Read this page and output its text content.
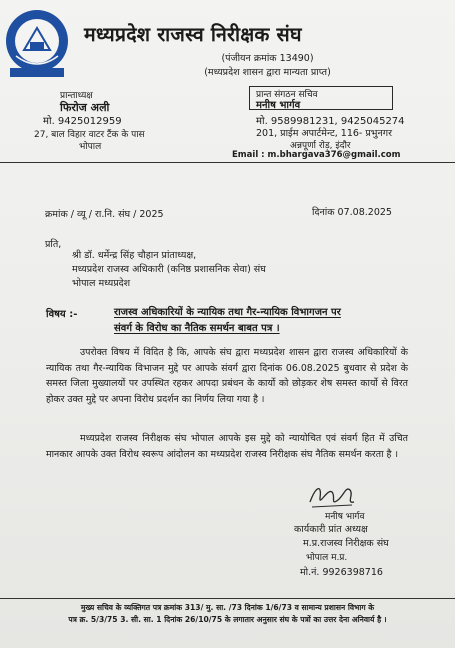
मध्यप्रदेश राजस्व निरीक्षक संघ
(पंजीयन क्रमांक 13490)
(मध्यप्रदेश शासन द्वारा मान्यता प्राप्त)
प्रान्ताध्यक्ष
फिरोज अली
मो. 9425012959
27, बाल विहार वाटर टैंक के पास
भोपाल
प्रान्त संगठन सचिव
मनीष भार्गव
मो. 9589981231, 9425045274
201, प्राईम अपार्टमेन्ट, 116- प्रभुनगर
अन्नपूर्णा रोड़, इंदौर
Email : m.bhargava376@gmail.com
क्रमांक / व्यू / रा.नि. संघ / 2025	दिनांक 07.08.2025
प्रति,
श्री डॉ. धर्मेन्द्र सिंह चौहान प्रांताध्यक्ष,
मध्यप्रदेश राजस्व अधिकारी (कनिष्ठ प्रशासनिक सेवा) संघ
भोपाल मध्यप्रदेश
विषय :-	राजस्व अधिकारियों के न्यायिक तथा गैर-न्यायिक विभागजन पर
संवर्ग के विरोध का नैतिक समर्थन बाबत पत्र ।
उपरोक्त विषय में विदित है कि, आपके संघ द्वारा मध्यप्रदेश शासन द्वारा राजस्व अधिकारियों के न्यायिक तथा गैर-न्यायिक विभाजन मुद्दे पर आपके संवर्ग द्वारा दिनांक 06.08.2025 बुधवार से प्रदेश के समस्त जिला मुख्यालयों पर उपस्थित रहकर आपदा प्रबंधन के कार्यो को छोड़कर शेष समस्त कार्यो से विरत होकर उक्त मुद्दे पर अपना विरोध प्रदर्शन का निर्णय लिया गया है ।
मध्यप्रदेश राजस्व निरीक्षक संघ भोपाल आपके इस मुद्दे को न्यायोचित एवं संवर्ग हित में उचित मानकार आपके उक्त विरोध स्वरूप आंदोलन का मध्यप्रदेश राजस्व निरीक्षक संघ नैतिक समर्थन करता है ।
मनीष भार्गव
कार्यकारी प्रांत अध्यक्ष
म.प्र.राजस्व निरीक्षक संघ
भोपाल म.प्र.
मो.नं. 9926398716
मुख्य सचिव के व्यक्तिगत पत्र क्रमांक 313/ मु. सा. /73 दिनांक 1/6/73 व सामान्य प्रशासन विभाग के
पत्र क्र. 5/3/75 3. सी. सा. 1 दिनांक 26/10/75 के लगातार अनुसार संघ के पत्रों का उत्तर देना अनिवार्य है ।
